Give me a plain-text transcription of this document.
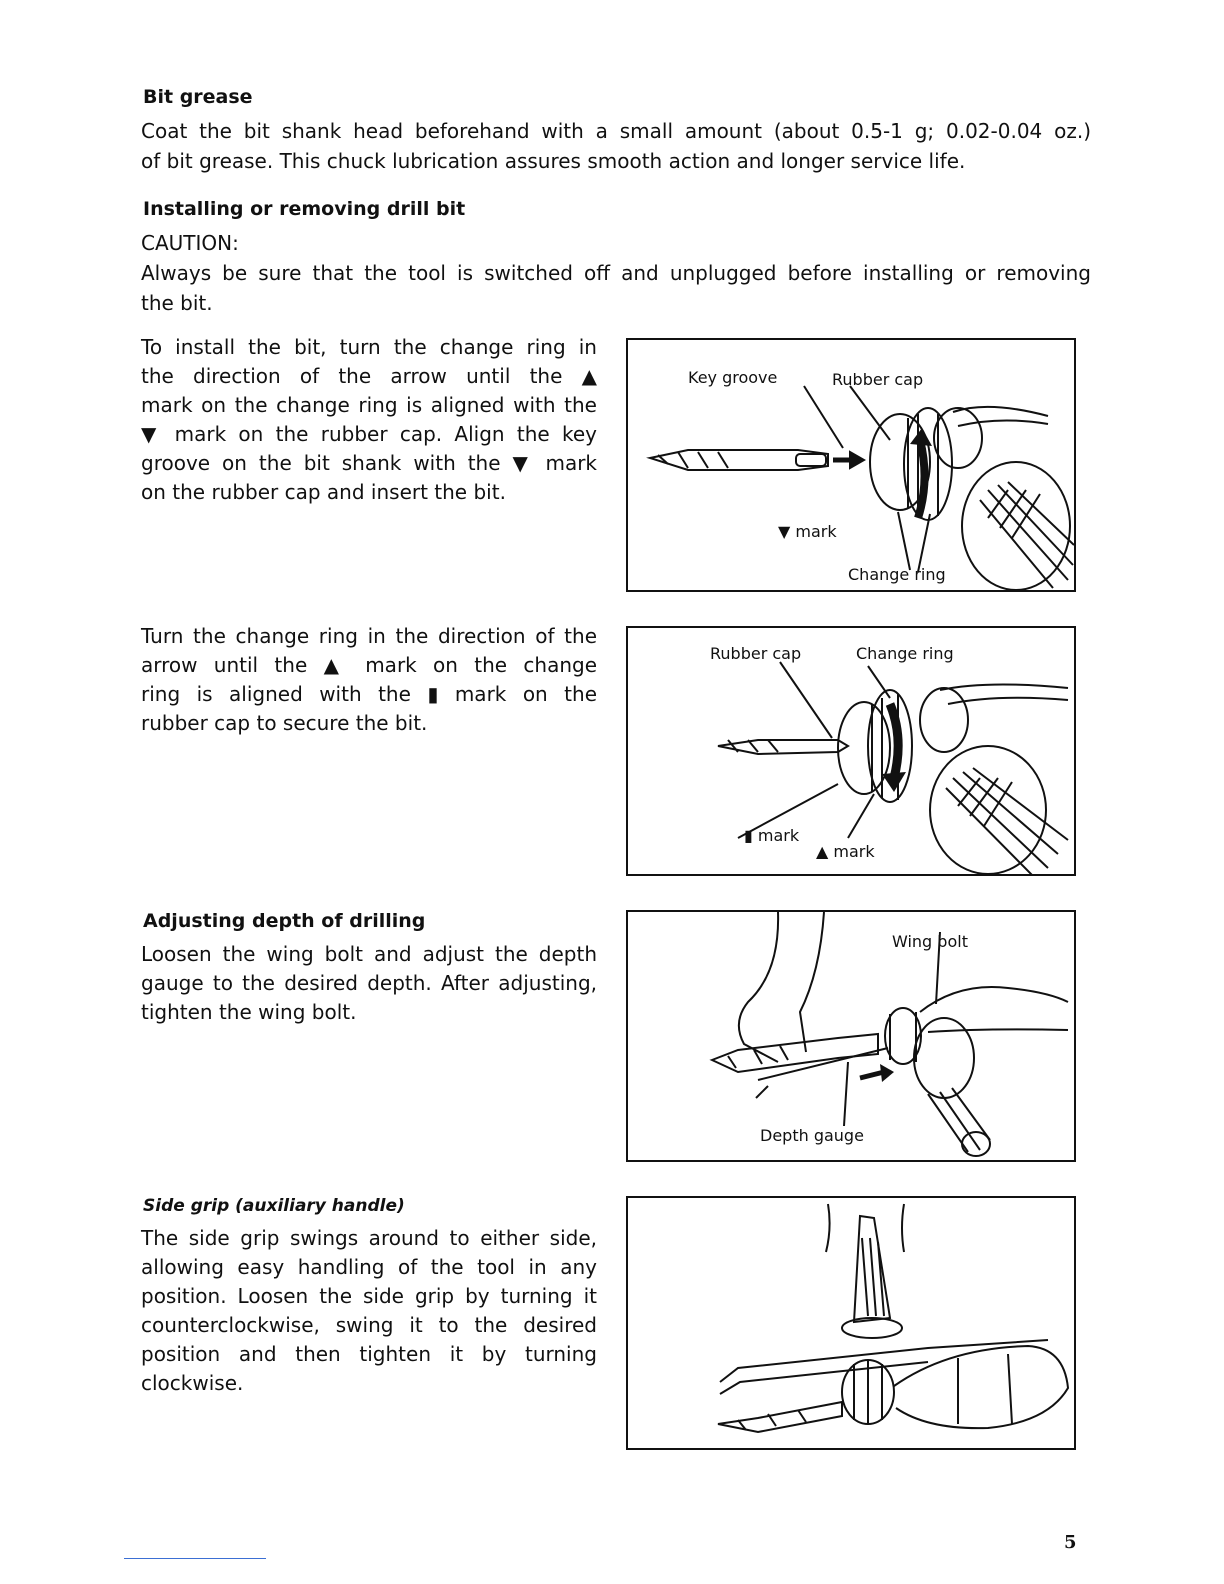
Bit grease

Coat the bit shank head beforehand with a small amount (about 0.5-1 g; 0.02-0.04 oz.)
of bit grease. This chuck lubrication assures smooth action and longer service life.

Installing or removing drill bit

CAUTION:
Always be sure that the tool is switched off and unplugged before installing or removing
the bit.

To install the bit, turn the change ring in
the direction of the arrow until the ▲
mark on the change ring is aligned with the
▼ mark on the rubber cap. Align the key
groove on the bit shank with the ▼ mark
on the rubber cap and insert the bit.

Turn the change ring in the direction of the
arrow until the ▲ mark on the change
ring is aligned with the ▮ mark on the
rubber cap to secure the bit.

Adjusting depth of drilling

Loosen the wing bolt and adjust the depth
gauge to the desired depth. After adjusting,
tighten the wing bolt.

Side grip (auxiliary handle)

The side grip swings around to either side,
allowing easy handling of the tool in any
position. Loosen the side grip by turning it
counterclockwise, swing it to the desired
position and then tighten it by turning
clockwise.

Key groove	Rubber cap
▼ mark
Change ring
Rubber cap	Change ring
▮ mark
▲ mark
Wing bolt
Depth gauge
5
